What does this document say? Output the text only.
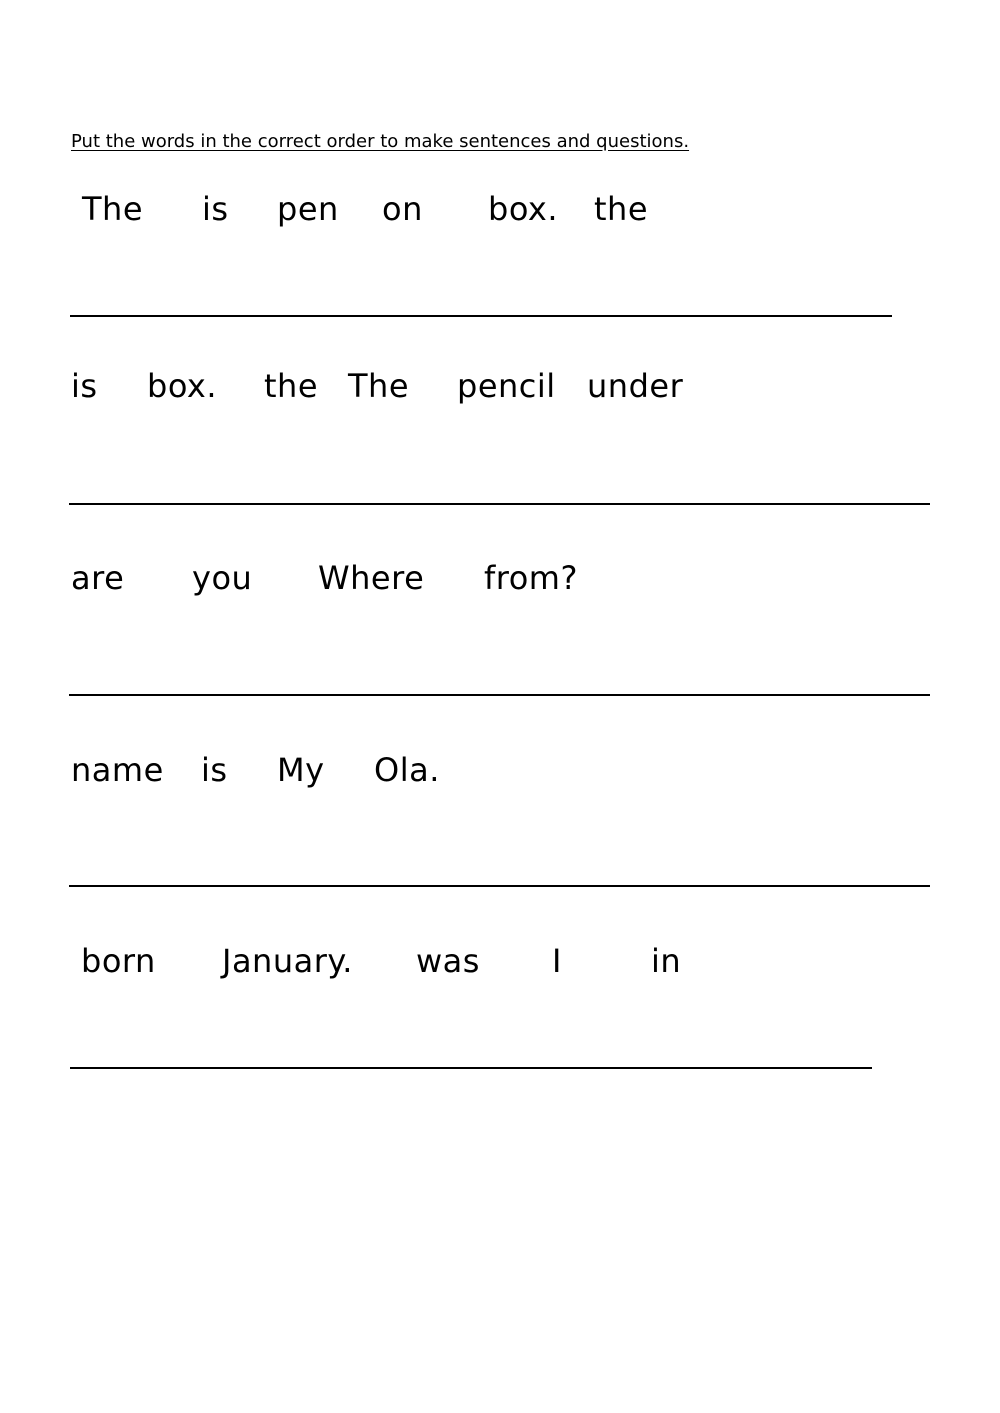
Put the words in the correct order to make sentences and questions.
The is pen on box. the
is box. the The pencil under
are you Where from?
name is My Ola.
born January. was I	in
